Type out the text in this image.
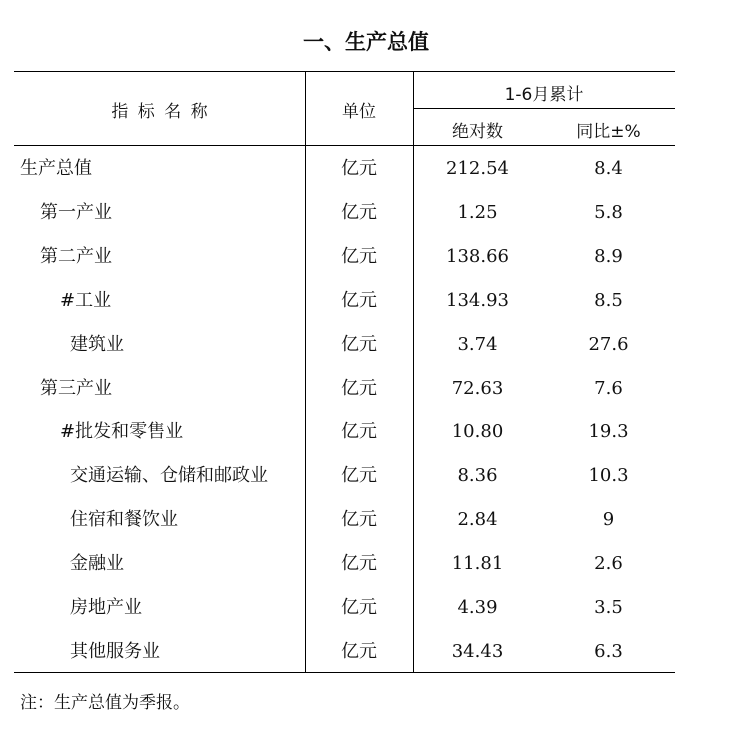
一、生产总值
指 标 名 称	单位
1-6月累计
绝对数	同比±%
生产总值	亿元	212.54	8.4
第一产业	亿元	1.25	5.8
第二产业	亿元	138.66	8.9
#工业	亿元	134.93	8.5
建筑业	亿元	3.74	27.6
第三产业	亿元	72.63	7.6
#批发和零售业	亿元	10.80	19.3
交通运输、仓储和邮政业	亿元	8.36	10.3
住宿和餐饮业	亿元	2.84	9
金融业	亿元	11.81	2.6
房地产业	亿元	4.39	3.5
其他服务业	亿元	34.43	6.3
注：生产总值为季报。
